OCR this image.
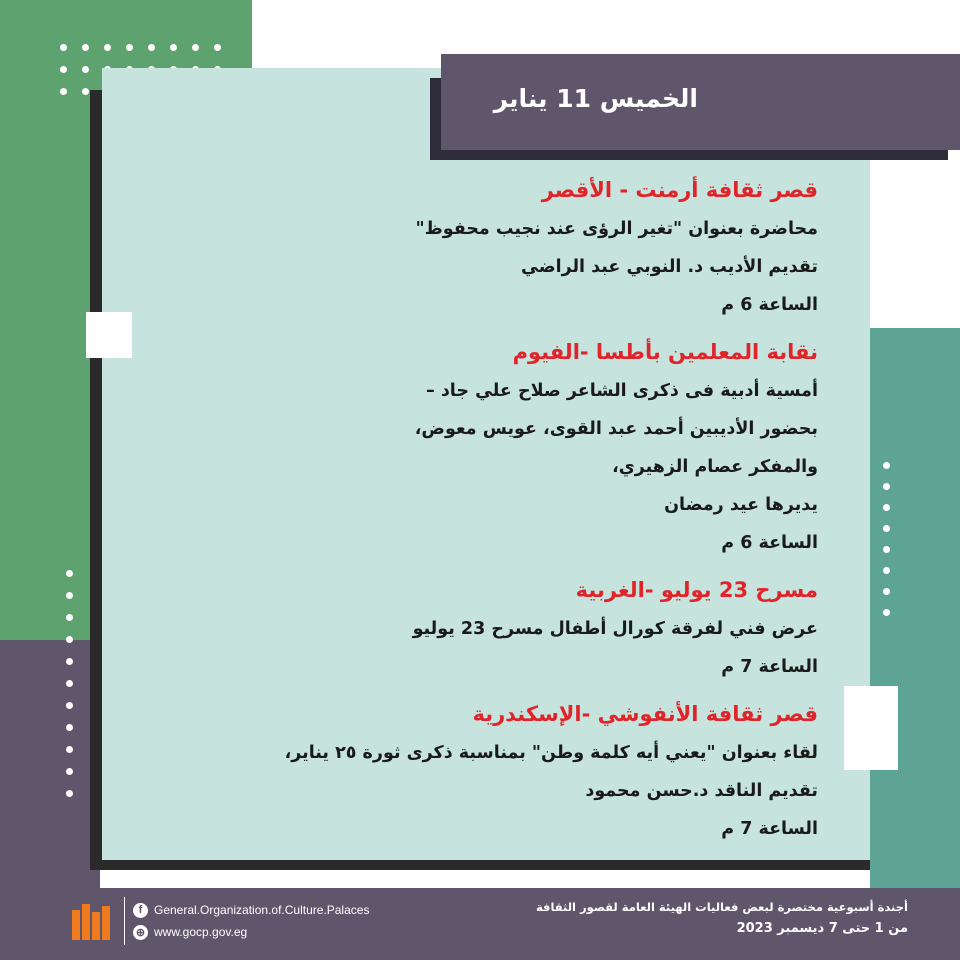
الخميس 11 يناير
قصر ثقافة أرمنت - الأقصر
محاضرة بعنوان "تغير الرؤى عند نجيب محفوظ"
تقديم الأديب د. النوبي عبد الراضي
الساعة 6 م
نقابة المعلمين بأطسا -الفيوم
أمسية أدبية فى ذكرى الشاعر صلاح علي جاد –
بحضور الأديبين أحمد عبد القوى، عويس معوض،
والمفكر عصام الزهيري،
يديرها عيد رمضان
الساعة 6 م
مسرح 23 يوليو -الغربية
عرض فني لفرقة كورال أطفال مسرح 23 يوليو
الساعة 7 م
قصر ثقافة الأنفوشي -الإسكندرية
لقاء بعنوان "يعني أيه كلمة وطن" بمناسبة ذكرى ثورة ٢٥ يناير،
تقديم الناقد د.حسن محمود
الساعة 7 م
f General.Organization.of.Culture.Palaces
⊕ www.gocp.gov.eg
أجندة أسبوعية مختصرة لبعض فعاليات الهيئة العامة لقصور الثقافة
من 1 حتى 7 ديسمبر 2023
